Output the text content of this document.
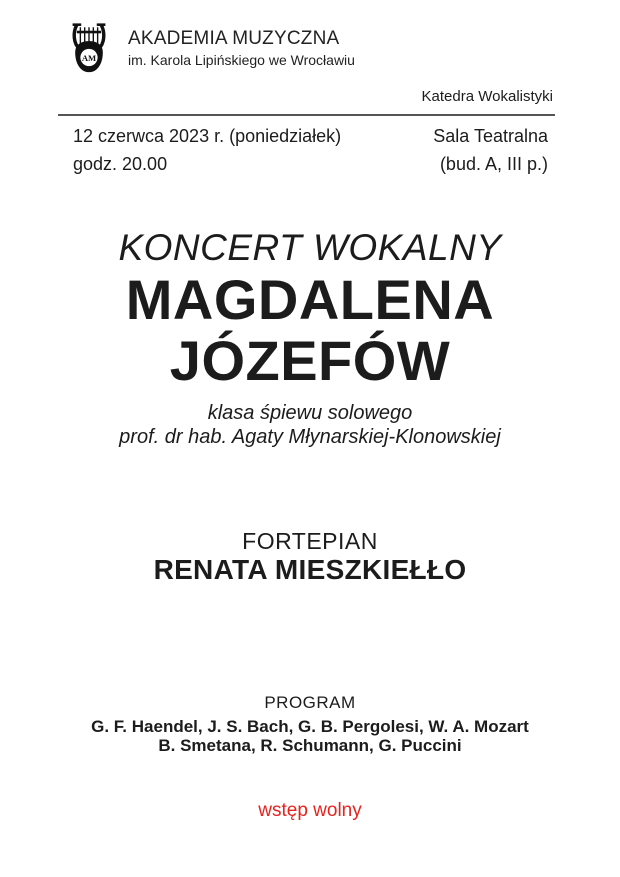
AM
AKADEMIA MUZYCZNA
im. Karola Lipińskiego we Wrocławiu
Katedra Wokalistyki
12 czerwca 2023 r. (poniedziałek)	Sala Teatralna
godz. 20.00	(bud. A, III p.)
KONCERT WOKALNY
MAGDALENA
JÓZEFÓW
klasa śpiewu solowego
prof. dr hab. Agaty Młynarskiej-Klonowskiej
FORTEPIAN
RENATA MIESZKIEŁŁO
PROGRAM
G. F. Haendel, J. S. Bach, G. B. Pergolesi, W. A. Mozart
B. Smetana, R. Schumann, G. Puccini
wstęp wolny
